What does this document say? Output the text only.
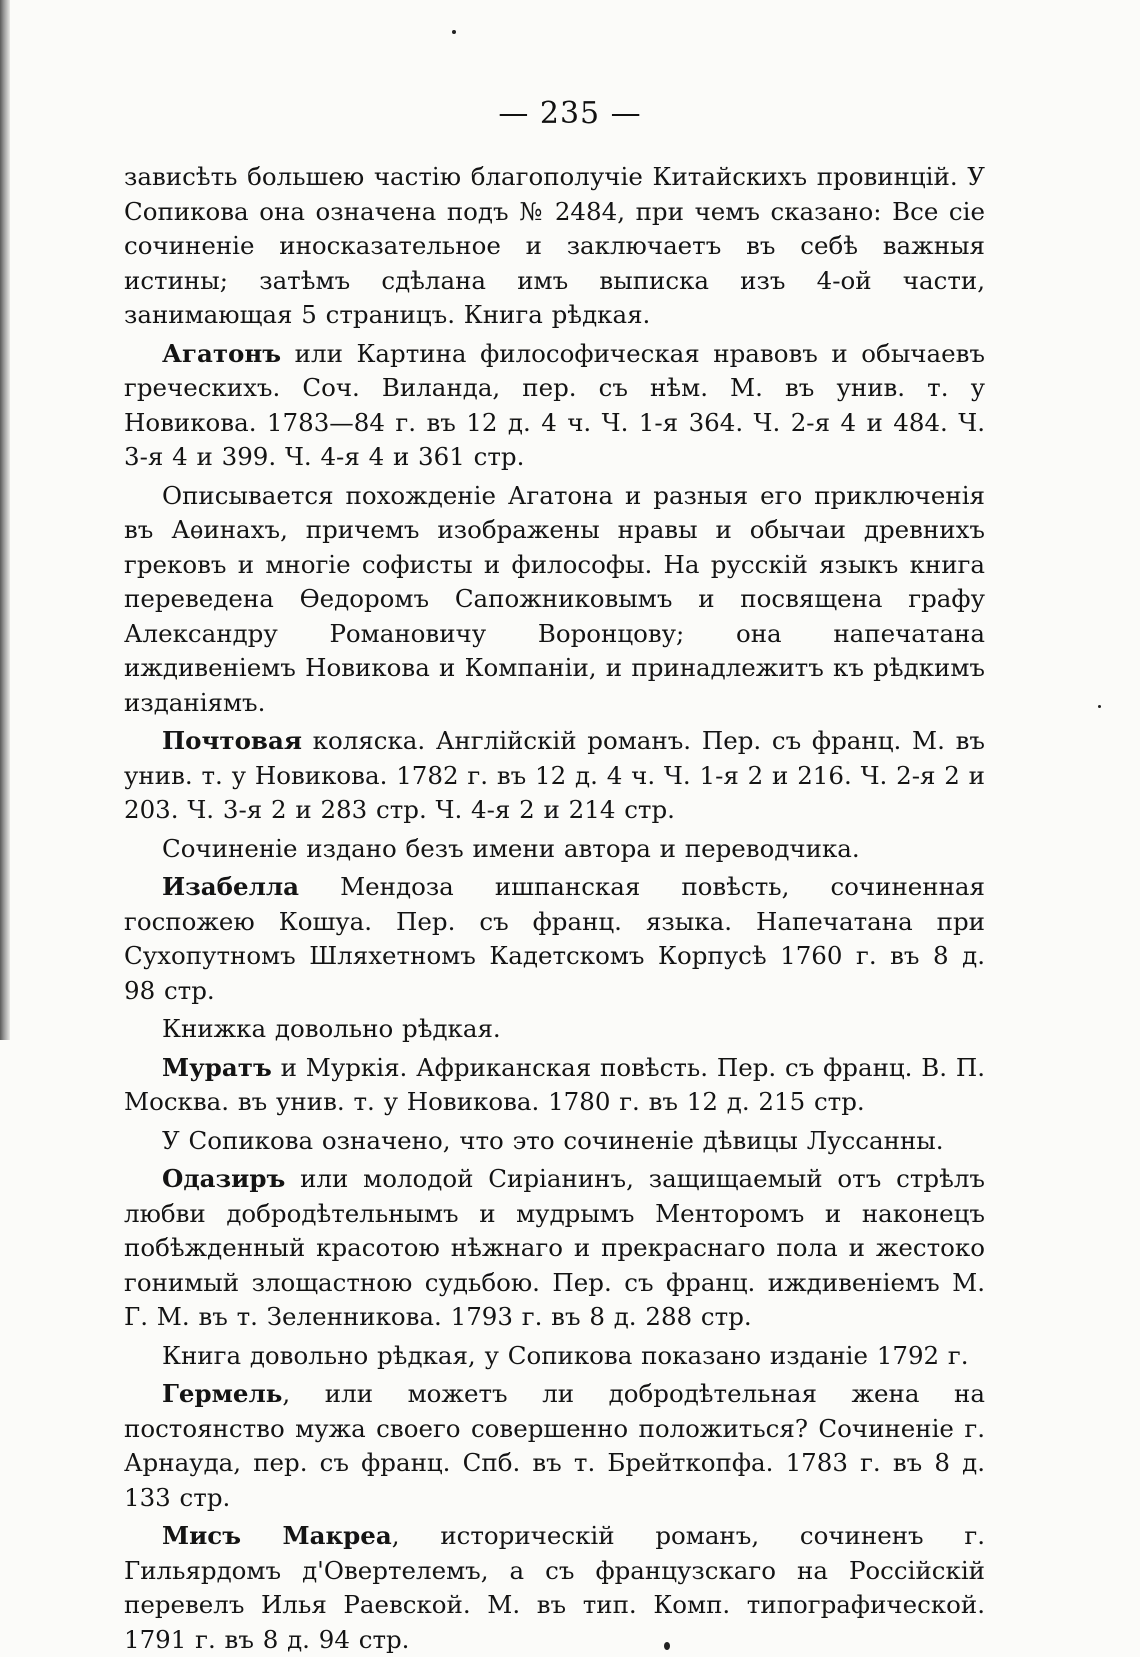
— 235 —

зависѣть большею частію благополучіе Китайскихъ провинцій. У Сопикова она означена подъ № 2484, при чемъ сказано: Все сіе сочиненіе иносказательное и заключаетъ въ себѣ важныя истины; затѣмъ сдѣлана имъ выписка изъ 4-ой части, занимающая 5 страницъ. Книга рѣдкая.

Агатонъ или Картина философическая нравовъ и обычаевъ греческихъ. Соч. Виланда, пер. съ нѣм. М. въ унив. т. у Новикова. 1783—84 г. въ 12 д. 4 ч. Ч. 1-я 364. Ч. 2-я 4 и 484. Ч. 3-я 4 и 399. Ч. 4-я 4 и 361 стр.

Описывается похожденіе Агатона и разныя его приключенія въ Аѳинахъ, причемъ изображены нравы и обычаи древнихъ грековъ и многіе софисты и философы. На русскій языкъ книга переведена Ѳедоромъ Сапожниковымъ и посвящена графу Александру Романовичу Воронцову; она напечатана иждивеніемъ Новикова и Компаніи, и принадлежитъ къ рѣдкимъ изданіямъ.

Почтовая коляска. Англійскій романъ. Пер. съ франц. М. въ унив. т. у Новикова. 1782 г. въ 12 д. 4 ч. Ч. 1-я 2 и 216. Ч. 2-я 2 и 203. Ч. 3-я 2 и 283 стр. Ч. 4-я 2 и 214 стр.

Сочиненіе издано безъ имени автора и переводчика.

Изабелла Мендоза ишпанская повѣсть, сочиненная госпожею Кошуа. Пер. съ франц. языка. Напечатана при Сухопутномъ Шляхетномъ Кадетскомъ Корпусѣ 1760 г. въ 8 д. 98 стр.

Книжка довольно рѣдкая.

Муратъ и Муркія. Африканская повѣсть. Пер. съ франц. В. П. Москва. въ унив. т. у Новикова. 1780 г. въ 12 д. 215 стр.

У Сопикова означено, что это сочиненіе дѣвицы Луссанны.

Одазиръ или молодой Сиріанинъ, защищаемый отъ стрѣлъ любви добродѣтельнымъ и мудрымъ Менторомъ и наконецъ побѣжденный красотою нѣжнаго и прекраснаго пола и жестоко гонимый злощастною судьбою. Пер. съ франц. иждивеніемъ М. Г. М. въ т. Зеленникова. 1793 г. въ 8 д. 288 стр.

Книга довольно рѣдкая, у Сопикова показано изданіе 1792 г.

Гермель, или можетъ ли добродѣтельная жена на постоянство мужа своего совершенно положиться? Сочиненіе г. Арнауда, пер. съ франц. Спб. въ т. Брейткопфа. 1783 г. въ 8 д. 133 стр.

Мисъ Макреа, историческій романъ, сочиненъ г. Гильярдомъ д'Овертелемъ, а съ французскаго на Россійскій перевелъ Илья Раевской. М. въ тип. Комп. типографической. 1791 г. въ 8 д. 94 стр.
